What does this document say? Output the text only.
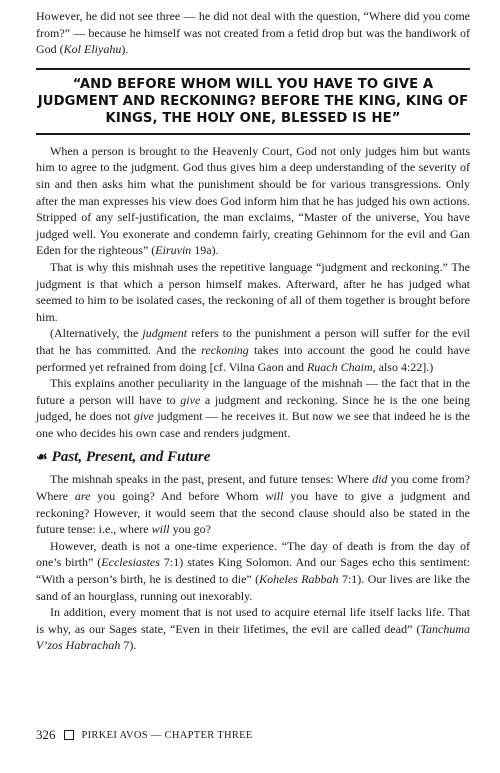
However, he did not see three — he did not deal with the question, “Where did you come from?” — because he himself was not created from a fetid drop but was the handiwork of God (Kol Eliyahu).

“AND BEFORE WHOM WILL YOU HAVE TO GIVE A JUDGMENT AND RECKONING? BEFORE THE KING, KING OF KINGS, THE HOLY ONE, BLESSED IS HE”

When a person is brought to the Heavenly Court, God not only judges him but wants him to agree to the judgment. God thus gives him a deep understanding of the severity of sin and then asks him what the punishment should be for various transgressions. Only after the man expresses his view does God inform him that he has judged his own actions. Stripped of any self-justification, the man exclaims, “Master of the universe, You have judged well. You exonerate and condemn fairly, creating Gehinnom for the evil and Gan Eden for the righteous” (Eiruvin 19a).

That is why this mishnah uses the repetitive language “judgment and reckoning.” The judgment is that which a person himself makes. Afterward, after he has judged what seemed to him to be isolated cases, the reckoning of all of them together is brought before him.

(Alternatively, the judgment refers to the punishment a person will suffer for the evil that he has committed. And the reckoning takes into account the good he could have performed yet refrained from doing [cf. Vilna Gaon and Ruach Chaim, also 4:22].)

This explains another peculiarity in the language of the mishnah — the fact that in the future a person will have to give a judgment and reckoning. Since he is the one being judged, he does not give judgment — he receives it. But now we see that indeed he is the one who decides his own case and renders judgment.

☙ Past, Present, and Future

The mishnah speaks in the past, present, and future tenses: Where did you come from? Where are you going? And before Whom will you have to give a judgment and reckoning? However, it would seem that the second clause should also be stated in the future tense: i.e., where will you go?

However, death is not a one-time experience. “The day of death is from the day of one’s birth” (Ecclesiastes 7:1) states King Solomon. And our Sages echo this sentiment: “With a person’s birth, he is destined to die” (Koheles Rabbah 7:1). Our lives are like the sand of an hourglass, running out inexorably.

In addition, every moment that is not used to acquire eternal life itself lacks life. That is why, as our Sages state, “Even in their lifetimes, the evil are called dead” (Tanchuma V’zos Habrachah 7).

326 PIRKEI AVOS — CHAPTER THREE
